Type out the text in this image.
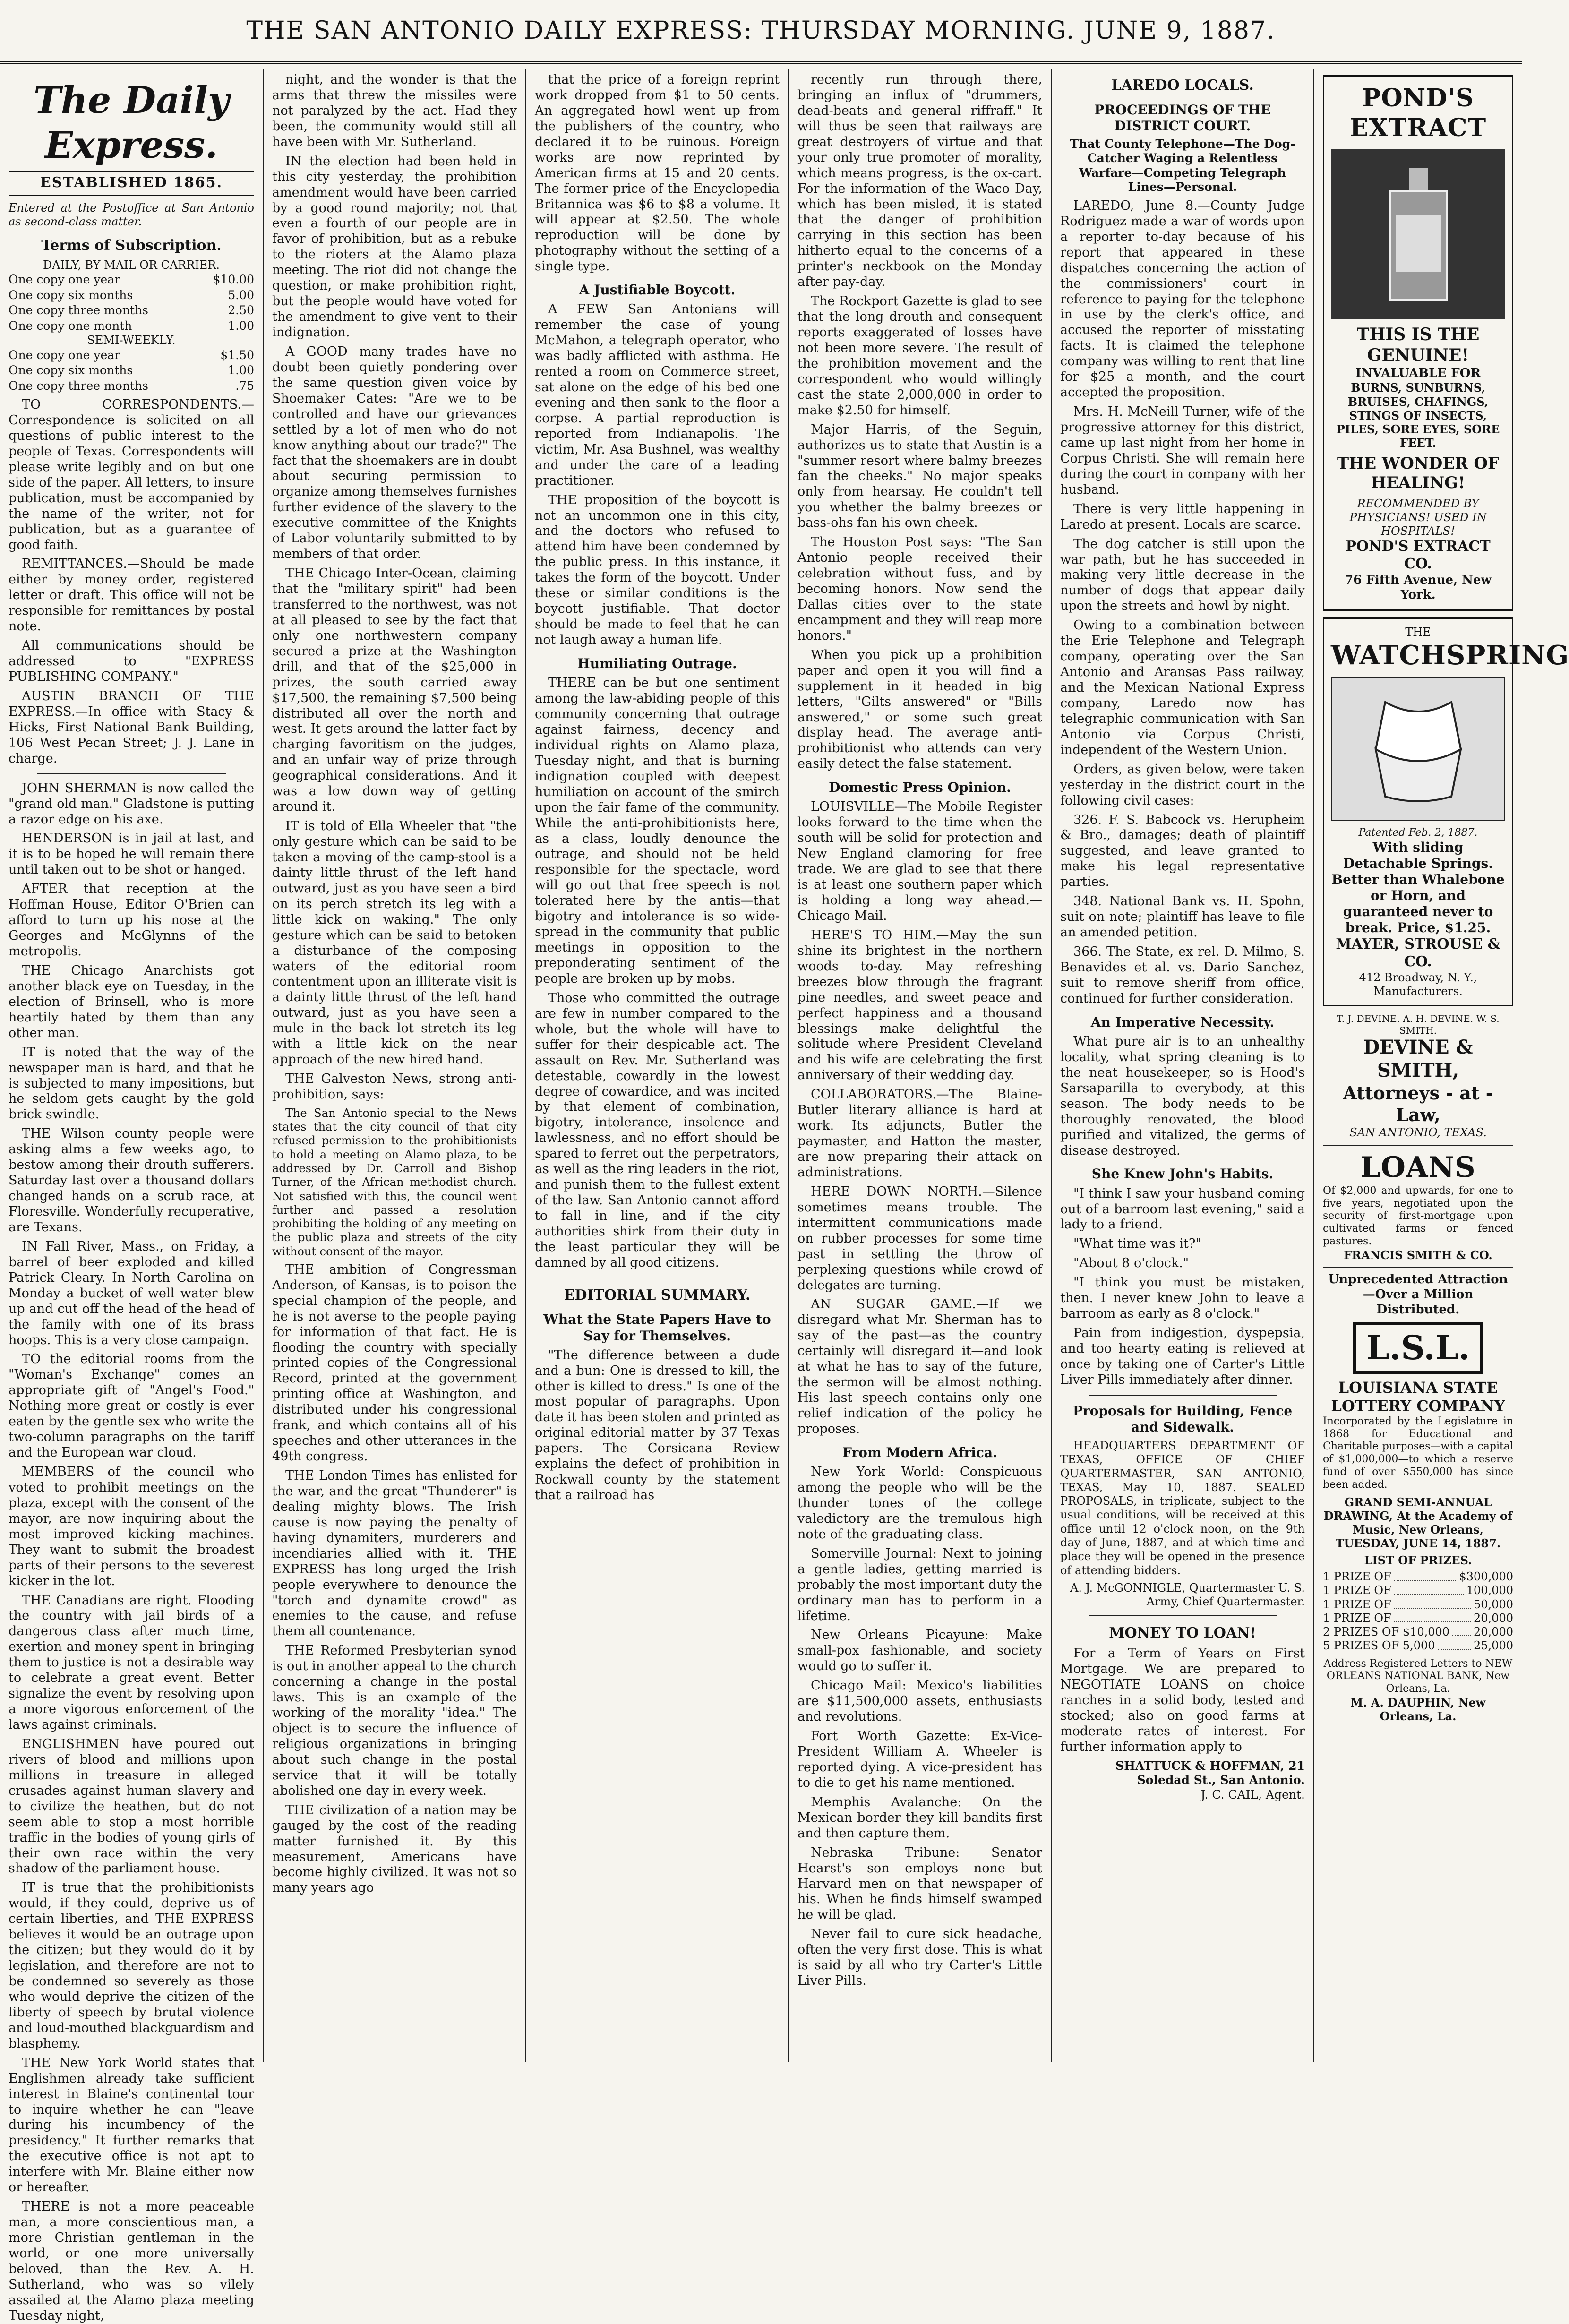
THE SAN ANTONIO DAILY EXPRESS: THURSDAY MORNING. JUNE 9, 1887.
The Daily Express.
ESTABLISHED 1865.
Entered at the Postoffice at San Antonio as second-class matter.
Terms of Subscription.
DAILY, BY MAIL OR CARRIER.
One copy one year	$10.00
One copy six months	5.00
One copy three months	2.50
One copy one month	1.00
SEMI-WEEKLY.
One copy one year	$1.50
One copy six months	1.00
One copy three months	.75

TO CORRESPONDENTS.—Correspondence is solicited on all questions of public interest to the people of Texas. Correspondents will please write legibly and on but one side of the paper. All letters, to insure publication, must be accompanied by the name of the writer, not for publication, but as a guarantee of good faith.

REMITTANCES.—Should be made either by money order, registered letter or draft. This office will not be responsible for remittances by postal note.

All communications should be addressed to "EXPRESS PUBLISHING COMPANY."

AUSTIN BRANCH OF THE EXPRESS.—In office with Stacy & Hicks, First National Bank Building, 106 West Pecan Street; J. J. Lane in charge.

JOHN SHERMAN is now called the "grand old man." Gladstone is putting a razor edge on his axe.

HENDERSON is in jail at last, and it is to be hoped he will remain there until taken out to be shot or hanged.

AFTER that reception at the Hoffman House, Editor O'Brien can afford to turn up his nose at the Georges and McGlynns of the metropolis.

THE Chicago Anarchists got another black eye on Tuesday, in the election of Brinsell, who is more heartily hated by them than any other man.

IT is noted that the way of the newspaper man is hard, and that he is subjected to many impositions, but he seldom gets caught by the gold brick swindle.

THE Wilson county people were asking alms a few weeks ago, to bestow among their drouth sufferers. Saturday last over a thousand dollars changed hands on a scrub race, at Floresville. Wonderfully recuperative, are Texans.

IN Fall River, Mass., on Friday, a barrel of beer exploded and killed Patrick Cleary. In North Carolina on Monday a bucket of well water blew up and cut off the head of the head of the family with one of its brass hoops. This is a very close campaign.

TO the editorial rooms from the "Woman's Exchange" comes an appropriate gift of "Angel's Food." Nothing more great or costly is ever eaten by the gentle sex who write the two-column paragraphs on the tariff and the European war cloud.

MEMBERS of the council who voted to prohibit meetings on the plaza, except with the consent of the mayor, are now inquiring about the most improved kicking machines. They want to submit the broadest parts of their persons to the severest kicker in the lot.

THE Canadians are right. Flooding the country with jail birds of a dangerous class after much time, exertion and money spent in bringing them to justice is not a desirable way to celebrate a great event. Better signalize the event by resolving upon a more vigorous enforcement of the laws against criminals.

ENGLISHMEN have poured out rivers of blood and millions upon millions in treasure in alleged crusades against human slavery and to civilize the heathen, but do not seem able to stop a most horrible traffic in the bodies of young girls of their own race within the very shadow of the parliament house.

IT is true that the prohibitionists would, if they could, deprive us of certain liberties, and THE EXPRESS believes it would be an outrage upon the citizen; but they would do it by legislation, and therefore are not to be condemned so severely as those who would deprive the citizen of the liberty of speech by brutal violence and loud-mouthed blackguardism and blasphemy.

THE New York World states that Englishmen already take sufficient interest in Blaine's continental tour to inquire whether he can "leave during his incumbency of the presidency." It further remarks that the executive office is not apt to interfere with Mr. Blaine either now or hereafter.

THERE is not a more peaceable man, a more conscientious man, a more Christian gentleman in the world, or one more universally beloved, than the Rev. A. H. Sutherland, who was so vilely assailed at the Alamo plaza meeting Tuesday night,

night, and the wonder is that the arms that threw the missiles were not paralyzed by the act. Had they been, the community would still all have been with Mr. Sutherland.

IN the election had been held in this city yesterday, the prohibition amendment would have been carried by a good round majority; not that even a fourth of our people are in favor of prohibition, but as a rebuke to the rioters at the Alamo plaza meeting. The riot did not change the question, or make prohibition right, but the people would have voted for the amendment to give vent to their indignation.

A GOOD many trades have no doubt been quietly pondering over the same question given voice by Shoemaker Cates: "Are we to be controlled and have our grievances settled by a lot of men who do not know anything about our trade?" The fact that the shoemakers are in doubt about securing permission to organize among themselves furnishes further evidence of the slavery to the executive committee of the Knights of Labor voluntarily submitted to by members of that order.

THE Chicago Inter-Ocean, claiming that the "military spirit" had been transferred to the northwest, was not at all pleased to see by the fact that only one northwestern company secured a prize at the Washington drill, and that of the $25,000 in prizes, the south carried away $17,500, the remaining $7,500 being distributed all over the north and west. It gets around the latter fact by charging favoritism on the judges, and an unfair way of prize through geographical considerations. And it was a low down way of getting around it.

IT is told of Ella Wheeler that "the only gesture which can be said to be taken a moving of the camp-stool is a dainty little thrust of the left hand outward, just as you have seen a bird on its perch stretch its leg with a little kick on waking." The only gesture which can be said to betoken a disturbance of the composing waters of the editorial room contentment upon an illiterate visit is a dainty little thrust of the left hand outward, just as you have seen a mule in the back lot stretch its leg with a little kick on the near approach of the new hired hand.

THE Galveston News, strong anti-prohibition, says:

The San Antonio special to the News states that the city council of that city refused permission to the prohibitionists to hold a meeting on Alamo plaza, to be addressed by Dr. Carroll and Bishop Turner, of the African methodist church. Not satisfied with this, the council went further and passed a resolution prohibiting the holding of any meeting on the public plaza and streets of the city without consent of the mayor.

THE ambition of Congressman Anderson, of Kansas, is to poison the special champion of the people, and he is not averse to the people paying for information of that fact. He is flooding the country with specially printed copies of the Congressional Record, printed at the government printing office at Washington, and distributed under his congressional frank, and which contains all of his speeches and other utterances in the 49th congress.

THE London Times has enlisted for the war, and the great "Thunderer" is dealing mighty blows. The Irish cause is now paying the penalty of having dynamiters, murderers and incendiaries allied with it. THE EXPRESS has long urged the Irish people everywhere to denounce the "torch and dynamite crowd" as enemies to the cause, and refuse them all countenance.

THE Reformed Presbyterian synod is out in another appeal to the church concerning a change in the postal laws. This is an example of the working of the morality "idea." The object is to secure the influence of religious organizations in bringing about such change in the postal service that it will be totally abolished one day in every week.

THE civilization of a nation may be gauged by the cost of the reading matter furnished it. By this measurement, Americans have become highly civilized. It was not so many years ago

that the price of a foreign reprint work dropped from $1 to 50 cents. An aggregated howl went up from the publishers of the country, who declared it to be ruinous. Foreign works are now reprinted by American firms at 15 and 20 cents. The former price of the Encyclopedia Britannica was $6 to $8 a volume. It will appear at $2.50. The whole reproduction will be done by photography without the setting of a single type.

A Justifiable Boycott.

A FEW San Antonians will remember the case of young McMahon, a telegraph operator, who was badly afflicted with asthma. He rented a room on Commerce street, sat alone on the edge of his bed one evening and then sank to the floor a corpse. A partial reproduction is reported from Indianapolis. The victim, Mr. Asa Bushnel, was wealthy and under the care of a leading practitioner.

THE proposition of the boycott is not an uncommon one in this city, and the doctors who refused to attend him have been condemned by the public press. In this instance, it takes the form of the boycott. Under these or similar conditions is the boycott justifiable. That doctor should be made to feel that he can not laugh away a human life.

Humiliating Outrage.

THERE can be but one sentiment among the law-abiding people of this community concerning that outrage against fairness, decency and individual rights on Alamo plaza, Tuesday night, and that is burning indignation coupled with deepest humiliation on account of the smirch upon the fair fame of the community. While the anti-prohibitionists here, as a class, loudly denounce the outrage, and should not be held responsible for the spectacle, word will go out that free speech is not tolerated here by the antis—that bigotry and intolerance is so wide-spread in the community that public meetings in opposition to the preponderating sentiment of the people are broken up by mobs.

Those who committed the outrage are few in number compared to the whole, but the whole will have to suffer for their despicable act. The assault on Rev. Mr. Sutherland was detestable, cowardly in the lowest degree of cowardice, and was incited by that element of combination, bigotry, intolerance, insolence and lawlessness, and no effort should be spared to ferret out the perpetrators, as well as the ring leaders in the riot, and punish them to the fullest extent of the law. San Antonio cannot afford to fall in line, and if the city authorities shirk from their duty in the least particular they will be damned by all good citizens.

EDITORIAL SUMMARY.
What the State Papers Have to Say for Themselves.

"The difference between a dude and a bun: One is dressed to kill, the other is killed to dress." Is one of the most popular of paragraphs. Upon date it has been stolen and printed as original editorial matter by 37 Texas papers. The Corsicana Review explains the defect of prohibition in Rockwall county by the statement that a railroad has

recently run through there, bringing an influx of "drummers, dead-beats and general riffraff." It will thus be seen that railways are great destroyers of virtue and that your only true promoter of morality, which means progress, is the ox-cart. For the information of the Waco Day, which has been misled, it is stated that the danger of prohibition carrying in this section has been hitherto equal to the concerns of a printer's neckbook on the Monday after pay-day.

The Rockport Gazette is glad to see that the long drouth and consequent reports exaggerated of losses have not been more severe. The result of the prohibition movement and the correspondent who would willingly cast the state 2,000,000 in order to make $2.50 for himself.

Major Harris, of the Seguin, authorizes us to state that Austin is a "summer resort where balmy breezes fan the cheeks." No major speaks only from hearsay. He couldn't tell you whether the balmy breezes or bass-ohs fan his own cheek.

The Houston Post says: "The San Antonio people received their celebration without fuss, and by becoming honors. Now send the Dallas cities over to the state encampment and they will reap more honors."

When you pick up a prohibition paper and open it you will find a supplement in it headed in big letters, "Gilts answered" or "Bills answered," or some such great display head. The average anti-prohibitionist who attends can very easily detect the false statement.

Domestic Press Opinion.

LOUISVILLE—The Mobile Register looks forward to the time when the south will be solid for protection and New England clamoring for free trade. We are glad to see that there is at least one southern paper which is holding a long way ahead.—Chicago Mail.

HERE'S TO HIM.—May the sun shine its brightest in the northern woods to-day. May refreshing breezes blow through the fragrant pine needles, and sweet peace and perfect happiness and a thousand blessings make delightful the solitude where President Cleveland and his wife are celebrating the first anniversary of their wedding day.

COLLABORATORS.—The Blaine-Butler literary alliance is hard at work. Its adjuncts, Butler the paymaster, and Hatton the master, are now preparing their attack on administrations.

HERE DOWN NORTH.—Silence sometimes means trouble. The intermittent communications made on rubber processes for some time past in settling the throw of perplexing questions while crowd of delegates are turning.

AN SUGAR GAME.—If we disregard what Mr. Sherman has to say of the past—as the country certainly will disregard it—and look at what he has to say of the future, the sermon will be almost nothing. His last speech contains only one relief indication of the policy he proposes.

From Modern Africa.

New York World: Conspicuous among the people who will be the thunder tones of the college valedictory are the tremulous high note of the graduating class.

Somerville Journal: Next to joining a gentle ladies, getting married is probably the most important duty the ordinary man has to perform in a lifetime.

New Orleans Picayune: Make small-pox fashionable, and society would go to suffer it.

Chicago Mail: Mexico's liabilities are $11,500,000 assets, enthusiasts and revolutions.

Fort Worth Gazette: Ex-Vice-President William A. Wheeler is reported dying. A vice-president has to die to get his name mentioned.

Memphis Avalanche: On the Mexican border they kill bandits first and then capture them.

Nebraska Tribune: Senator Hearst's son employs none but Harvard men on that newspaper of his. When he finds himself swamped he will be glad.

Never fail to cure sick headache, often the very first dose. This is what is said by all who try Carter's Little Liver Pills.

LAREDO LOCALS.
PROCEEDINGS OF THE DISTRICT COURT.
That County Telephone—The Dog-Catcher Waging a Relentless Warfare—Competing Telegraph Lines—Personal.

LAREDO, June 8.—County Judge Rodriguez made a war of words upon a reporter to-day because of his report that appeared in these dispatches concerning the action of the commissioners' court in reference to paying for the telephone in use by the clerk's office, and accused the reporter of misstating facts. It is claimed the telephone company was willing to rent that line for $25 a month, and the court accepted the proposition.

Mrs. H. McNeill Turner, wife of the progressive attorney for this district, came up last night from her home in Corpus Christi. She will remain here during the court in company with her husband.

There is very little happening in Laredo at present. Locals are scarce.

The dog catcher is still upon the war path, but he has succeeded in making very little decrease in the number of dogs that appear daily upon the streets and howl by night.

Owing to a combination between the Erie Telephone and Telegraph company, operating over the San Antonio and Aransas Pass railway, and the Mexican National Express company, Laredo now has telegraphic communication with San Antonio via Corpus Christi, independent of the Western Union.

Orders, as given below, were taken yesterday in the district court in the following civil cases:

326. F. S. Babcock vs. Herupheim & Bro., damages; death of plaintiff suggested, and leave granted to make his legal representative parties.

348. National Bank vs. H. Spohn, suit on note; plaintiff has leave to file an amended petition.

366. The State, ex rel. D. Milmo, S. Benavides et al. vs. Dario Sanchez, suit to remove sheriff from office, continued for further consideration.

An Imperative Necessity.

What pure air is to an unhealthy locality, what spring cleaning is to the neat housekeeper, so is Hood's Sarsaparilla to everybody, at this season. The body needs to be thoroughly renovated, the blood purified and vitalized, the germs of disease destroyed.

She Knew John's Habits.

"I think I saw your husband coming out of a barroom last evening," said a lady to a friend.

"What time was it?"

"About 8 o'clock."

"I think you must be mistaken, then. I never knew John to leave a barroom as early as 8 o'clock."

Pain from indigestion, dyspepsia, and too hearty eating is relieved at once by taking one of Carter's Little Liver Pills immediately after dinner.

Proposals for Building, Fence and Sidewalk.

HEADQUARTERS DEPARTMENT OF TEXAS, OFFICE OF CHIEF QUARTERMASTER, SAN ANTONIO, TEXAS, May 10, 1887. SEALED PROPOSALS, in triplicate, subject to the usual conditions, will be received at this office until 12 o'clock noon, on the 9th day of June, 1887, and at which time and place they will be opened in the presence of attending bidders.

A. J. McGONNIGLE, Quartermaster U. S. Army, Chief Quartermaster.
MONEY TO LOAN!

For a Term of Years on First Mortgage. We are prepared to NEGOTIATE LOANS on choice ranches in a solid body, tested and stocked; also on good farms at moderate rates of interest. For further information apply to

SHATTUCK & HOFFMAN, 21 Soledad St., San Antonio.
J. C. CAIL, Agent.
POND'S EXTRACT
THIS IS THE GENUINE!
INVALUABLE FOR
BURNS, SUNBURNS, BRUISES, CHAFINGS, STINGS OF INSECTS, PILES, SORE EYES, SORE FEET.
THE WONDER OF HEALING!
RECOMMENDED BY PHYSICIANS! USED IN HOSPITALS!
POND'S EXTRACT CO.
76 Fifth Avenue, New York.
THE
WATCHSPRING
Patented Feb. 2, 1887.
With sliding Detachable Springs. Better than Whalebone or Horn, and guaranteed never to break. Price, $1.25.
MAYER, STROUSE & CO.
412 Broadway, N. Y., Manufacturers.
T. J. DEVINE. A. H. DEVINE. W. S. SMITH.
DEVINE & SMITH,
Attorneys - at - Law,
SAN ANTONIO, TEXAS.
LOANS
Of $2,000 and upwards, for one to five years, negotiated upon the security of first-mortgage upon cultivated farms or fenced pastures.
FRANCIS SMITH & CO.
Unprecedented Attraction—Over a Million Distributed.
L.S.L.
LOUISIANA STATE LOTTERY COMPANY
Incorporated by the Legislature in 1868 for Educational and Charitable purposes—with a capital of $1,000,000—to which a reserve fund of over $550,000 has since been added.
GRAND SEMI-ANNUAL DRAWING, At the Academy of Music, New Orleans, TUESDAY, JUNE 14, 1887.
LIST OF PRIZES.
1 PRIZE OF	$300,000
1 PRIZE OF	100,000
1 PRIZE OF	50,000
1 PRIZE OF	20,000
2 PRIZES OF $10,000 20,000
5 PRIZES OF 5,000	25,000
Address Registered Letters to NEW ORLEANS NATIONAL BANK, New Orleans, La.
M. A. DAUPHIN, New Orleans, La.
